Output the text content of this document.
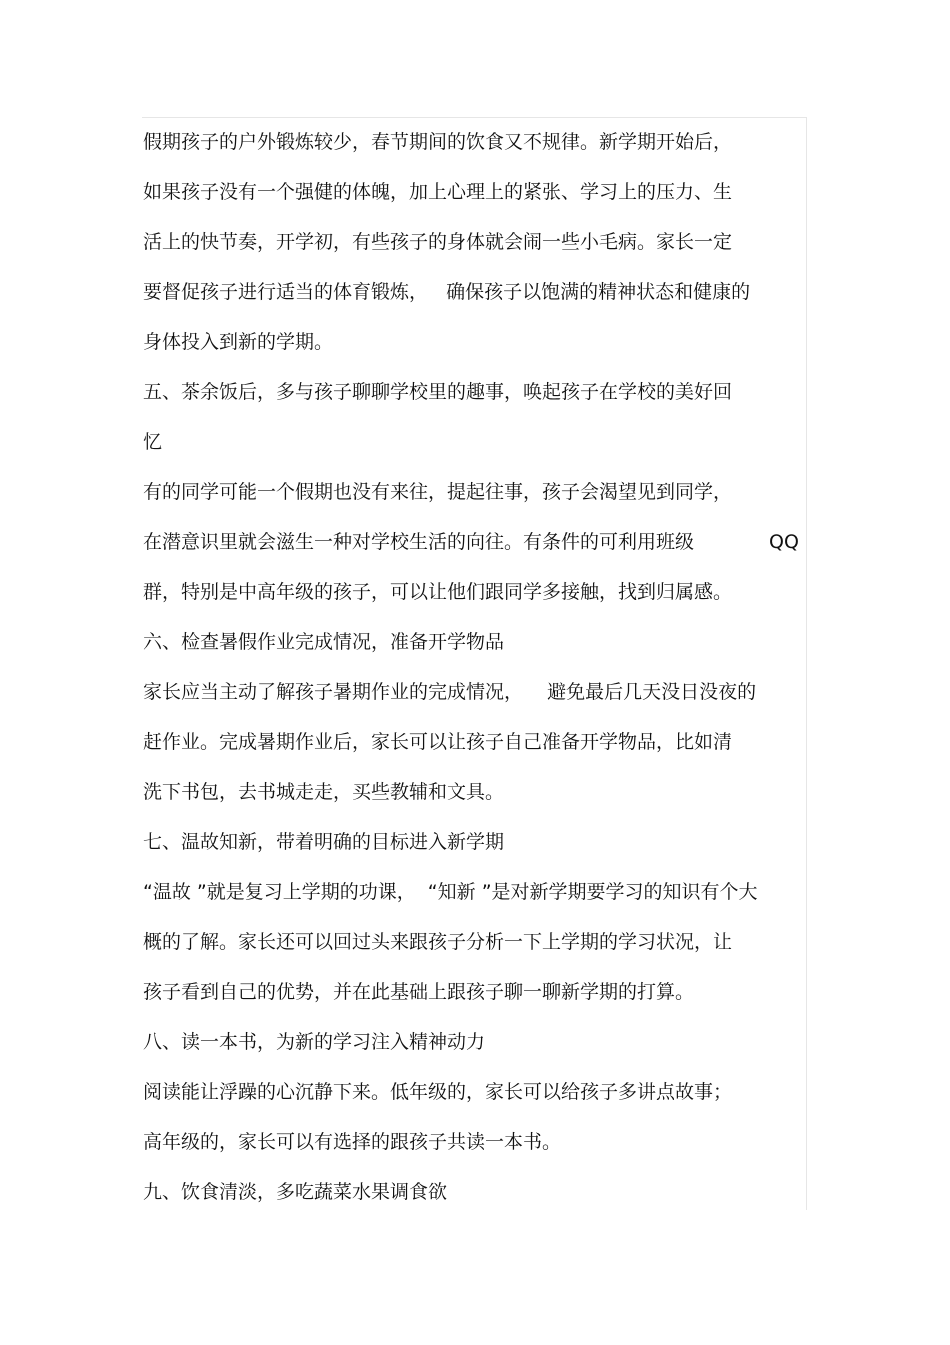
假期孩子的户外锻炼较少，春节期间的饮食又不规律。新学期开始后，
如果孩子没有一个强健的体魄，加上心理上的紧张、学习上的压力、生
活上的快节奏，开学初，有些孩子的身体就会闹一些小毛病。家长一定
要督促孩子进行适当的体育锻炼，   确保孩子以饱满的精神状态和健康的
身体投入到新的学期。
五、茶余饭后，多与孩子聊聊学校里的趣事，唤起孩子在学校的美好回
忆
有的同学可能一个假期也没有来往，提起往事，孩子会渴望见到同学，
在潜意识里就会滋生一种对学校生活的向往。有条件的可利用班级
群，特别是中高年级的孩子，可以让他们跟同学多接触，找到归属感。
六、检查暑假作业完成情况，准备开学物品
家长应当主动了解孩子暑期作业的完成情况，    避免最后几天没日没夜的
赶作业。完成暑期作业后，家长可以让孩子自己准备开学物品，比如清
洗下书包，去书城走走，买些教辅和文具。
七、温故知新，带着明确的目标进入新学期
“温故 ”就是复习上学期的功课，  “知新 ”是对新学期要学习的知识有个大
概的了解。家长还可以回过头来跟孩子分析一下上学期的学习状况，让
孩子看到自己的优势，并在此基础上跟孩子聊一聊新学期的打算。
八、读一本书，为新的学习注入精神动力
阅读能让浮躁的心沉静下来。低年级的，家长可以给孩子多讲点故事；
高年级的，家长可以有选择的跟孩子共读一本书。
九、饮食清淡，多吃蔬菜水果调食欲
QQ
